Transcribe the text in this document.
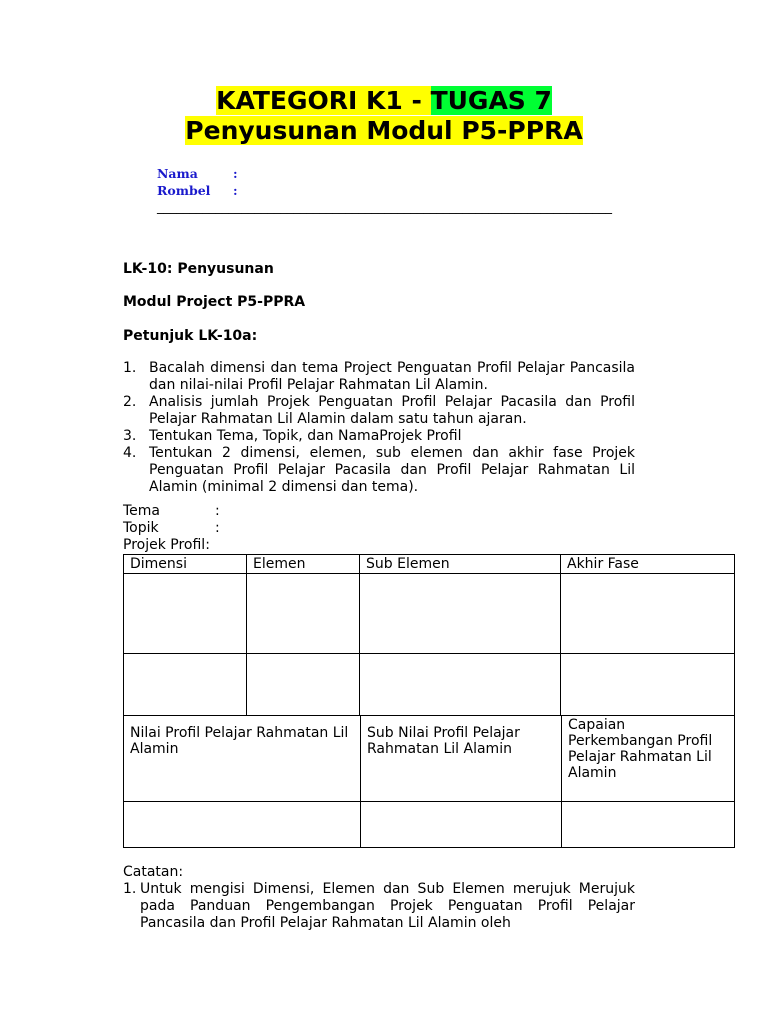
KATEGORI K1 - TUGAS 7
Penyusunan Modul P5-PPRA
Nama	:
Rombel	:
______________________________________________________________________
LK-10: Penyusunan
Modul Project P5-PPRA
Petunjuk LK-10a:
1. Bacalah dimensi dan tema Project Penguatan Profil Pelajar Pancasila dan nilai-nilai Profil Pelajar Rahmatan Lil Alamin.
2. Analisis jumlah Projek Penguatan Profil Pelajar Pacasila dan Profil Pelajar Rahmatan Lil Alamin dalam satu tahun ajaran.
3. Tentukan Tema, Topik, dan NamaProjek Profil
4. Tentukan 2 dimensi, elemen, sub elemen dan akhir fase Projek Penguatan Profil Pelajar Pacasila dan Profil Pelajar Rahmatan Lil Alamin (minimal 2 dimensi dan tema).
Tema	:
Topik	:
Projek Profil:
Dimensi	Elemen	Sub Elemen	Akhir Fase

Nilai Profil Pelajar Rahmatan Lil Alamin	Sub Nilai Profil Pelajar Rahmatan Lil Alamin	Capaian Perkembangan Profil Pelajar Rahmatan Lil Alamin

Catatan:
1. Untuk mengisi Dimensi, Elemen dan Sub Elemen merujuk Merujuk pada Panduan Pengembangan Projek Penguatan Profil Pelajar Pancasila dan Profil Pelajar Rahmatan Lil Alamin oleh
